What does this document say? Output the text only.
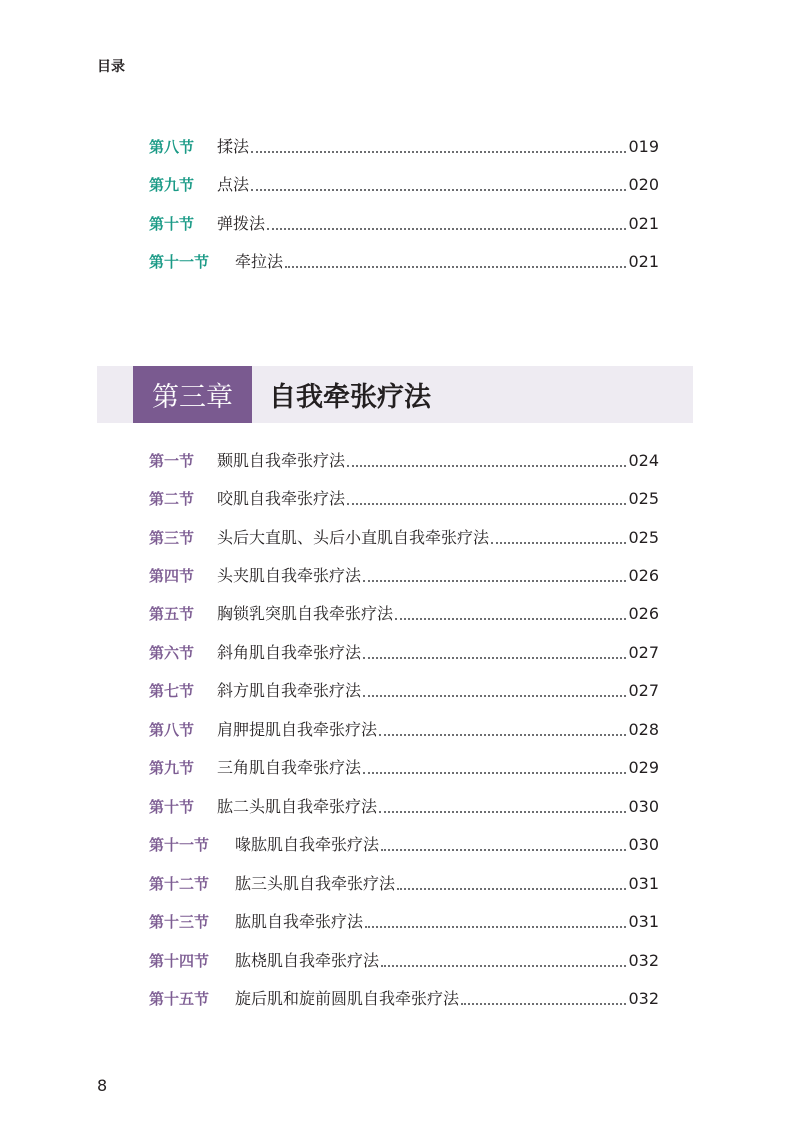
目录
第八节	揉法	019
第九节	点法	020
第十节	弹拨法	021
第十一节	牵拉法	021
第三章	自我牵张疗法
第一节	颞肌自我牵张疗法	024
第二节	咬肌自我牵张疗法	025
第三节	头后大直肌、头后小直肌自我牵张疗法	025
第四节	头夹肌自我牵张疗法	026
第五节	胸锁乳突肌自我牵张疗法	026
第六节	斜角肌自我牵张疗法	027
第七节	斜方肌自我牵张疗法	027
第八节	肩胛提肌自我牵张疗法	028
第九节	三角肌自我牵张疗法	029
第十节	肱二头肌自我牵张疗法	030
第十一节	喙肱肌自我牵张疗法	030
第十二节	肱三头肌自我牵张疗法	031
第十三节	肱肌自我牵张疗法	031
第十四节	肱桡肌自我牵张疗法	032
第十五节	旋后肌和旋前圆肌自我牵张疗法	032
8
